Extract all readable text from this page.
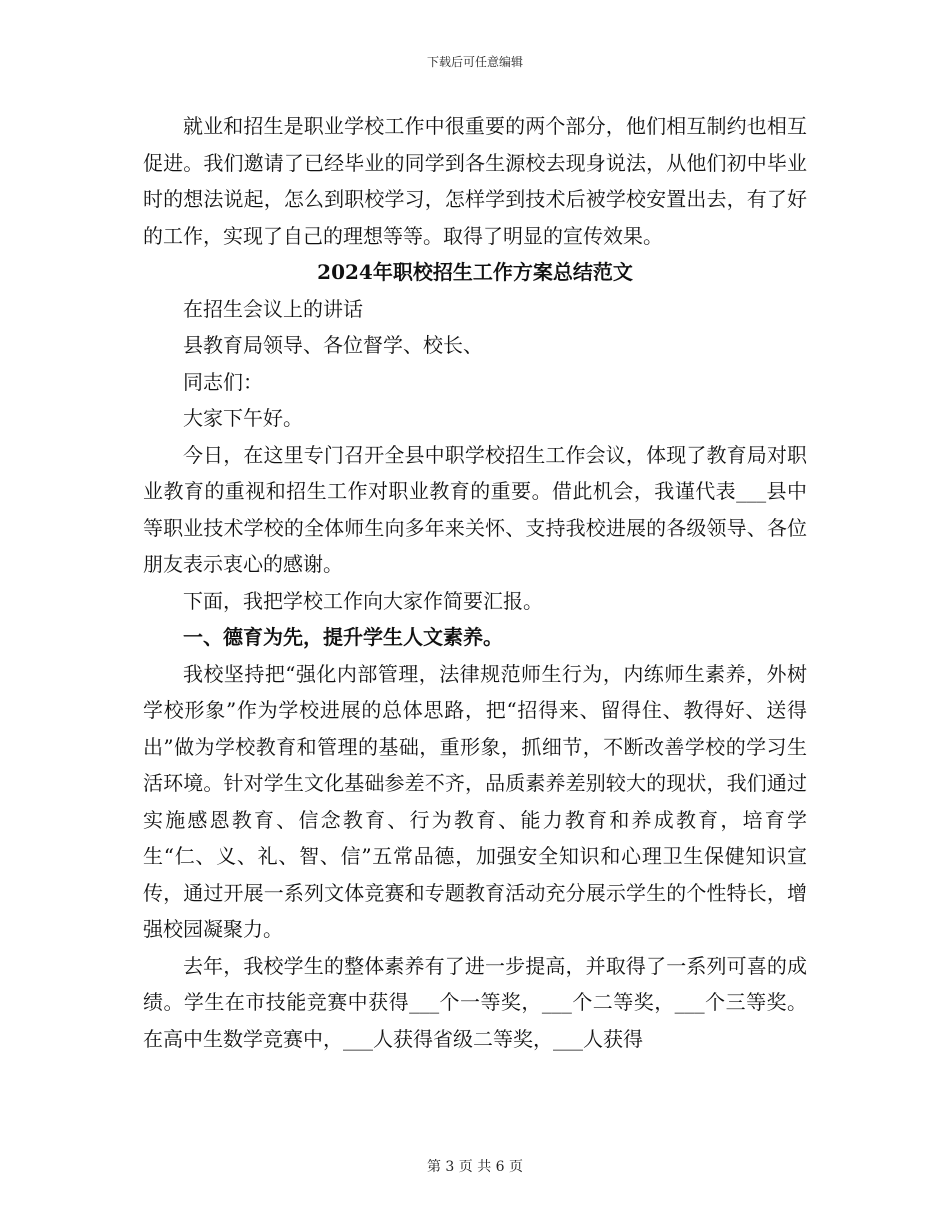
下载后可任意编辑

就业和招生是职业学校工作中很重要的两个部分，他们相互制约也相互促进。我们邀请了已经毕业的同学到各生源校去现身说法，从他们初中毕业时的想法说起，怎么到职校学习，怎样学到技术后被学校安置出去，有了好的工作，实现了自己的理想等等。取得了明显的宣传效果。

2024年职校招生工作方案总结范文

在招生会议上的讲话

县教育局领导、各位督学、校长、

同志们：

大家下午好。

今日，在这里专门召开全县中职学校招生工作会议，体现了教育局对职业教育的重视和招生工作对职业教育的重要。借此机会，我谨代表___县中等职业技术学校的全体师生向多年来关怀、支持我校进展的各级领导、各位朋友表示衷心的感谢。

下面，我把学校工作向大家作简要汇报。

一、德育为先，提升学生人文素养。

我校坚持把“强化内部管理，法律规范师生行为，内练师生素养，外树学校形象”作为学校进展的总体思路，把“招得来、留得住、教得好、送得出”做为学校教育和管理的基础，重形象，抓细节，不断改善学校的学习生活环境。针对学生文化基础参差不齐，品质素养差别较大的现状，我们通过实施感恩教育、信念教育、行为教育、能力教育和养成教育，培育学生“仁、义、礼、智、信”五常品德，加强安全知识和心理卫生保健知识宣传，通过开展一系列文体竞赛和专题教育活动充分展示学生的个性特长，增强校园凝聚力。

去年，我校学生的整体素养有了进一步提高，并取得了一系列可喜的成绩。学生在市技能竞赛中获得___个一等奖，___个二等奖，___个三等奖。在高中生数学竞赛中，___人获得省级二等奖，___人获得

第 3 页 共 6 页
